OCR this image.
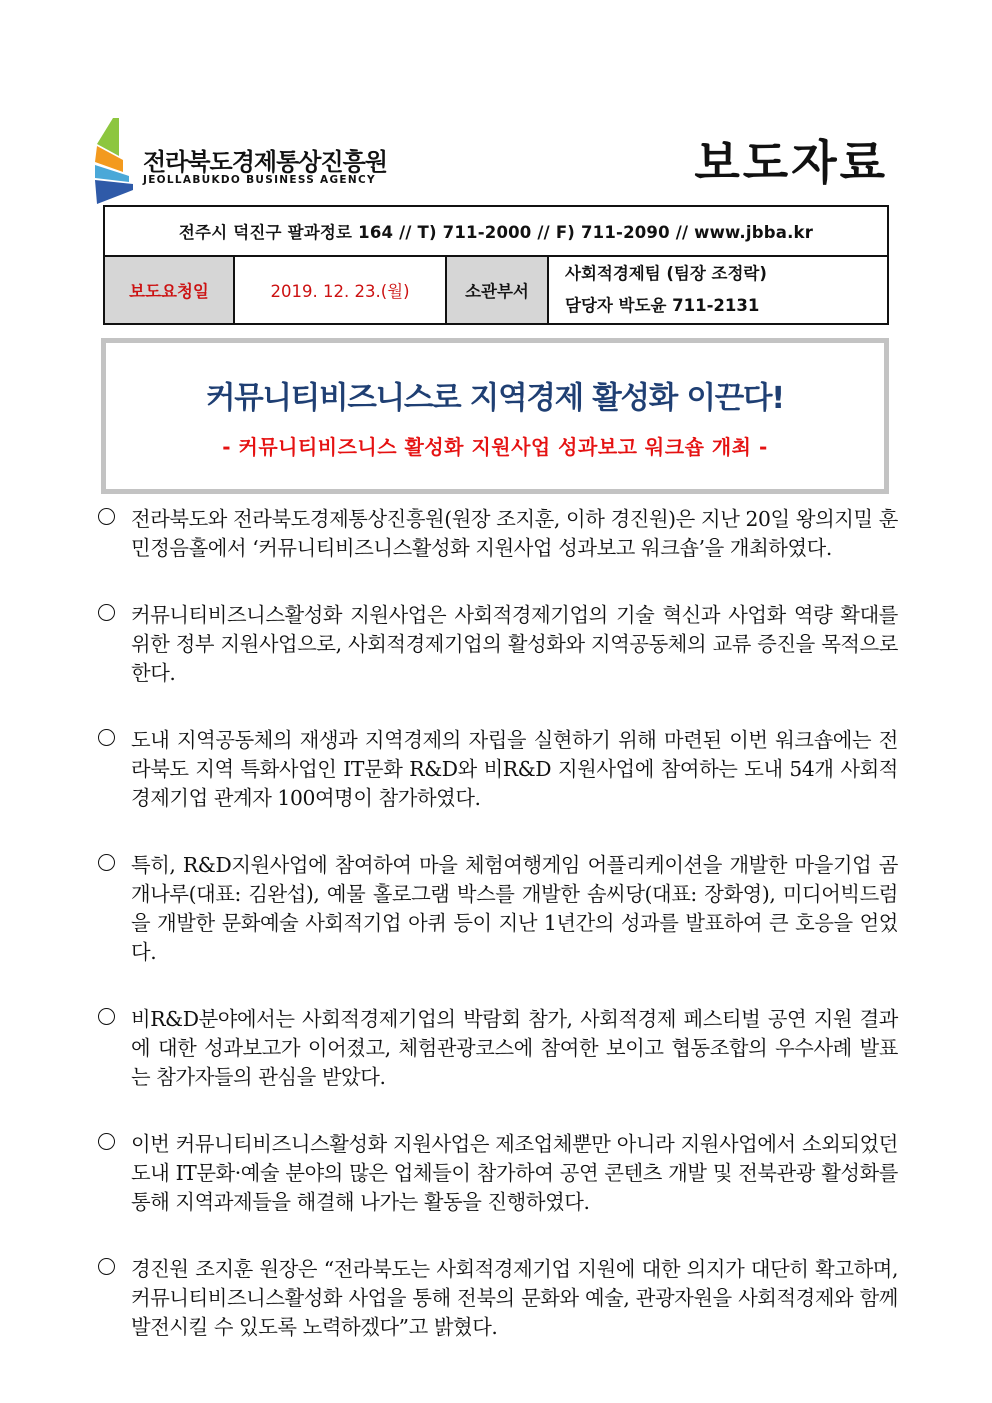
전라북도경제통상진흥원
JEOLLABUKDO BUSINESS AGENCY	보도자료
전주시 덕진구 팔과정로 164 // T) 711-2000 // F) 711-2090 // www.jbba.kr
보도요청일	2019. 12. 23.(월)	소관부서	
사회적경제팀 (팀장 조정락)
담당자 박도윤 711-2131
커뮤니티비즈니스로 지역경제 활성화 이끈다!
- 커뮤니티비즈니스 활성화 지원사업 성과보고 워크숍 개최 -
전라북도와 전라북도경제통상진흥원(원장 조지훈, 이하 경진원)은 지난 20일 왕의지밀 훈민정음홀에서 ‘커뮤니티비즈니스활성화 지원사업 성과보고 워크숍’을 개최하였다.
커뮤니티비즈니스활성화 지원사업은 사회적경제기업의 기술 혁신과 사업화 역량 확대를 위한 정부 지원사업으로, 사회적경제기업의 활성화와 지역공동체의 교류 증진을 목적으로 한다.
도내 지역공동체의 재생과 지역경제의 자립을 실현하기 위해 마련된 이번 워크숍에는 전라북도 지역 특화사업인 IT문화 R&D와 비R&D 지원사업에 참여하는 도내 54개 사회적경제기업 관계자 100여명이 참가하였다.
특히, R&D지원사업에 참여하여 마을 체험여행게임 어플리케이션을 개발한 마을기업 곰개나루(대표: 김완섭), 예물 홀로그램 박스를 개발한 솜씨당(대표: 장화영), 미디어빅드럼을 개발한 문화예술 사회적기업 아퀴 등이 지난 1년간의 성과를 발표하여 큰 호응을 얻었다.
비R&D분야에서는 사회적경제기업의 박람회 참가, 사회적경제 페스티벌 공연 지원 결과에 대한 성과보고가 이어졌고, 체험관광코스에 참여한 보이고 협동조합의 우수사례 발표는 참가자들의 관심을 받았다.
이번 커뮤니티비즈니스활성화 지원사업은 제조업체뿐만 아니라 지원사업에서 소외되었던 도내 IT문화·예술 분야의 많은 업체들이 참가하여 공연 콘텐츠 개발 및 전북관광 활성화를 통해 지역과제들을 해결해 나가는 활동을 진행하였다.
경진원 조지훈 원장은 “전라북도는 사회적경제기업 지원에 대한 의지가 대단히 확고하며, 커뮤니티비즈니스활성화 사업을 통해 전북의 문화와 예술, 관광자원을 사회적경제와 함께 발전시킬 수 있도록 노력하겠다”고 밝혔다.
